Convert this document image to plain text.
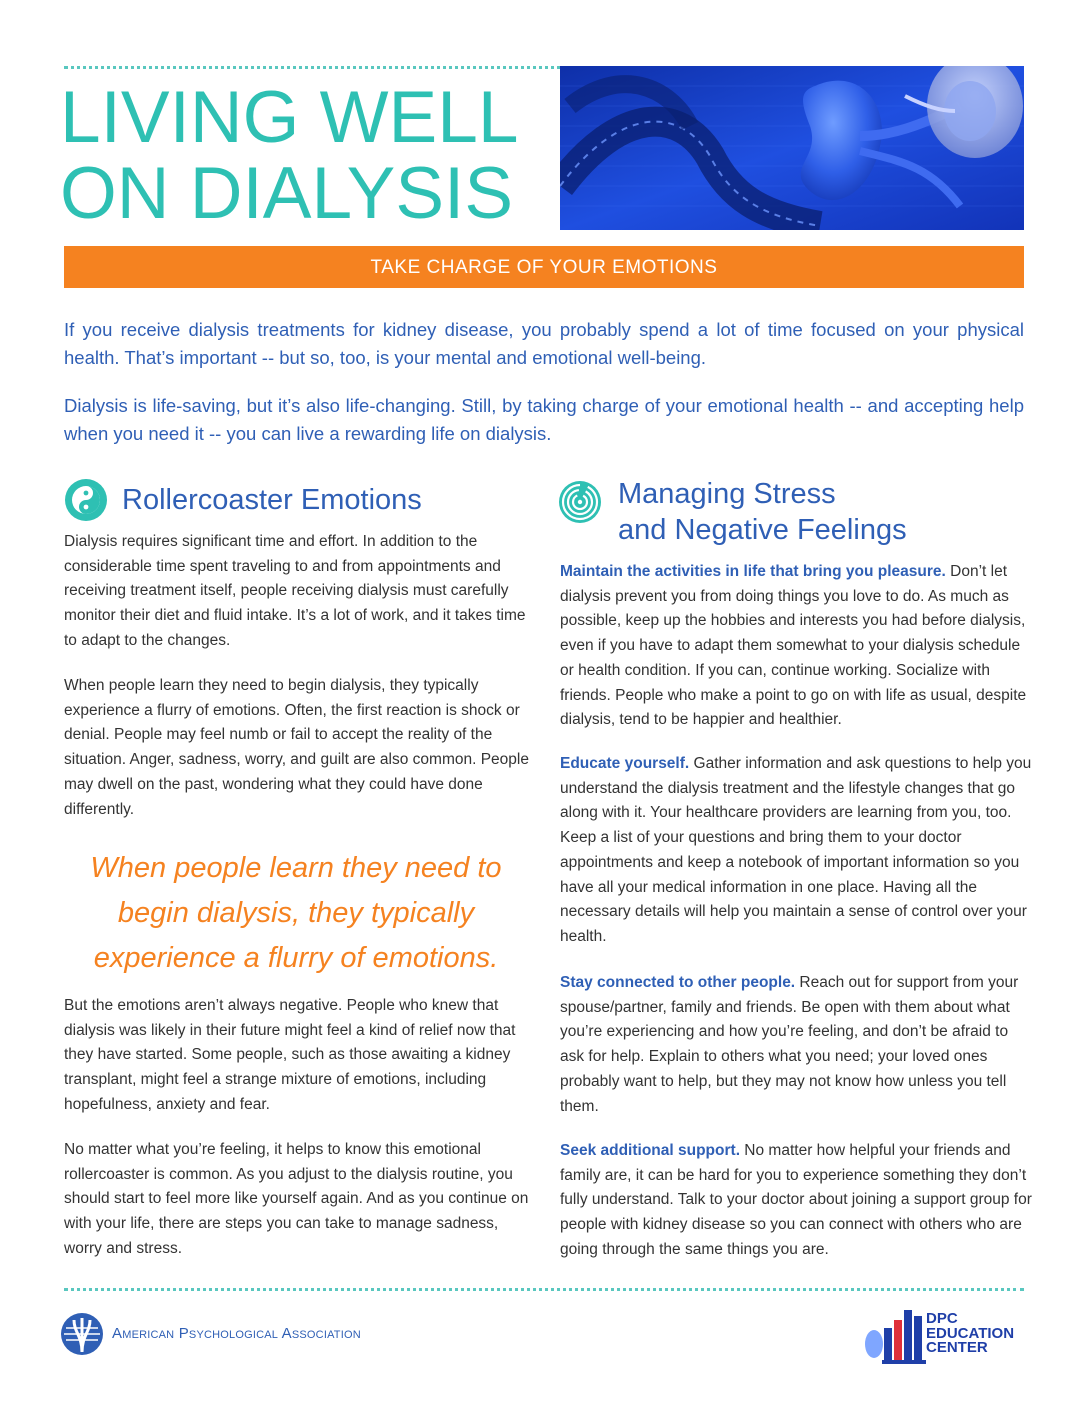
LIVING WELL
ON DIALYSIS
TAKE CHARGE OF YOUR EMOTIONS

If you receive dialysis treatments for kidney disease, you probably spend a lot of time focused on your physical health. That’s important -- but so, too, is your mental and emotional well-being.

Dialysis is life-saving, but it’s also life-changing. Still, by taking charge of your emotional health -- and accepting help when you need it -- you can live a rewarding life on dialysis.

Rollercoaster Emotions

Dialysis requires significant time and effort. In addition to the considerable time spent traveling to and from appointments and receiving treatment itself, people receiving dialysis must carefully monitor their diet and fluid intake. It’s a lot of work, and it takes time to adapt to the changes.

When people learn they need to begin dialysis, they typically experience a flurry of emotions. Often, the first reaction is shock or denial. People may feel numb or fail to accept the reality of the situation. Anger, sadness, worry, and guilt are also common. People may dwell on the past, wondering what they could have done differently.

When people learn they need to begin dialysis, they typically experience a flurry of emotions.

But the emotions aren’t always negative. People who knew that dialysis was likely in their future might feel a kind of relief now that they have started. Some people, such as those awaiting a kidney transplant, might feel a strange mixture of emotions, including hopefulness, anxiety and fear.

No matter what you’re feeling, it helps to know this emotional rollercoaster is common. As you adjust to the dialysis routine, you should start to feel more like yourself again. And as you continue on with your life, there are steps you can take to manage sadness, worry and stress.

Managing Stress
and Negative Feelings

Maintain the activities in life that bring you pleasure. Don’t let dialysis prevent you from doing things you love to do. As much as possible, keep up the hobbies and interests you had before dialysis, even if you have to adapt them somewhat to your dialysis schedule or health condition. If you can, continue working. Socialize with friends. People who make a point to go on with life as usual, despite dialysis, tend to be happier and healthier.

Educate yourself. Gather information and ask questions to help you understand the dialysis treatment and the lifestyle changes that go along with it. Your healthcare providers are learning from you, too. Keep a list of your questions and bring them to your doctor appointments and keep a notebook of important information so you have all your medical information in one place. Having all the necessary details will help you maintain a sense of control over your health.

Stay connected to other people. Reach out for support from your spouse/partner, family and friends. Be open with them about what you’re experiencing and how you’re feeling, and don’t be afraid to ask for help. Explain to others what you need; your loved ones probably want to help, but they may not know how unless you tell them.

Seek additional support. No matter how helpful your friends and family are, it can be hard for you to experience something they don’t fully understand. Talk to your doctor about joining a support group for people with kidney disease so you can connect with others who are going through the same things you are.

American Psychological Association
DPC
EDUCATION
CENTER
